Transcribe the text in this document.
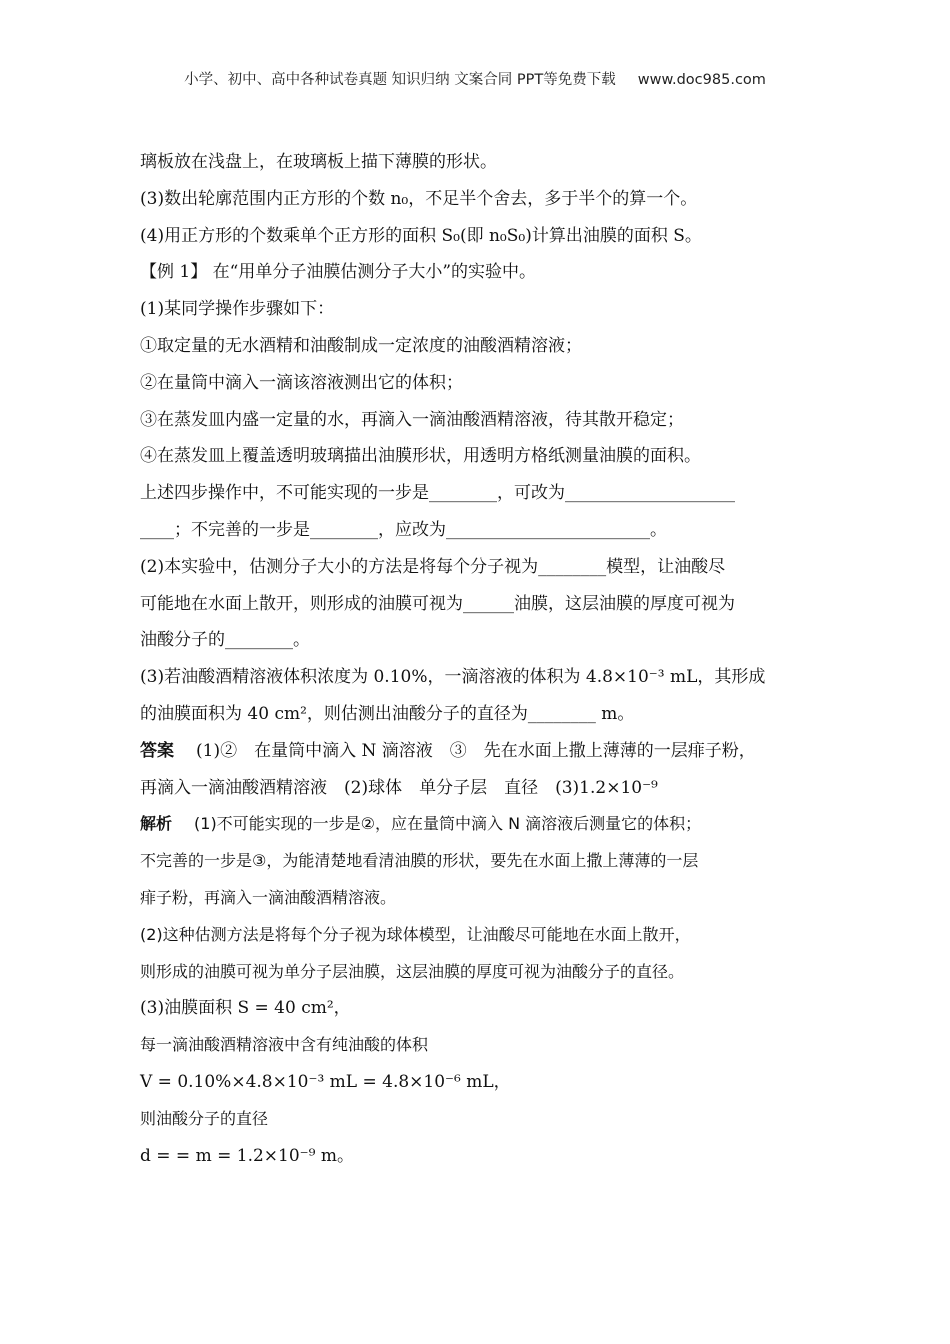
小学、初中、高中各种试卷真题 知识归纳 文案合同 PPT等免费下载 www.doc985.com
璃板放在浅盘上，在玻璃板上描下薄膜的形状。
(3)数出轮廓范围内正方形的个数 n₀，不足半个舍去，多于半个的算一个。
(4)用正方形的个数乘单个正方形的面积 S₀(即 n₀S₀)计算出油膜的面积 S。
【例 1】 在“用单分子油膜估测分子大小”的实验中。
(1)某同学操作步骤如下：
①取定量的无水酒精和油酸制成一定浓度的油酸酒精溶液；
②在量筒中滴入一滴该溶液测出它的体积；
③在蒸发皿内盛一定量的水，再滴入一滴油酸酒精溶液，待其散开稳定；
④在蒸发皿上覆盖透明玻璃描出油膜形状，用透明方格纸测量油膜的面积。
上述四步操作中，不可能实现的一步是________，可改为____________________
____；不完善的一步是________，应改为________________________。
(2)本实验中，估测分子大小的方法是将每个分子视为________模型，让油酸尽
可能地在水面上散开，则形成的油膜可视为______油膜，这层油膜的厚度可视为
油酸分子的________。
(3)若油酸酒精溶液体积浓度为 0.10%，一滴溶液的体积为 4.8×10⁻³ mL，其形成
的油膜面积为 40 cm²，则估测出油酸分子的直径为________ m。
答案 (1)②　在量筒中滴入 N 滴溶液　③　先在水面上撒上薄薄的一层痱子粉，
再滴入一滴油酸酒精溶液　(2)球体　单分子层　直径　(3)1.2×10⁻⁹
解析 (1)不可能实现的一步是②，应在量筒中滴入 N 滴溶液后测量它的体积；
不完善的一步是③，为能清楚地看清油膜的形状，要先在水面上撒上薄薄的一层
痱子粉，再滴入一滴油酸酒精溶液。
(2)这种估测方法是将每个分子视为球体模型，让油酸尽可能地在水面上散开，
则形成的油膜可视为单分子层油膜，这层油膜的厚度可视为油酸分子的直径。
(3)油膜面积 S = 40 cm²，
每一滴油酸酒精溶液中含有纯油酸的体积
V = 0.10%×4.8×10⁻³ mL = 4.8×10⁻⁶ mL，
则油酸分子的直径
d = = m = 1.2×10⁻⁹ m。
